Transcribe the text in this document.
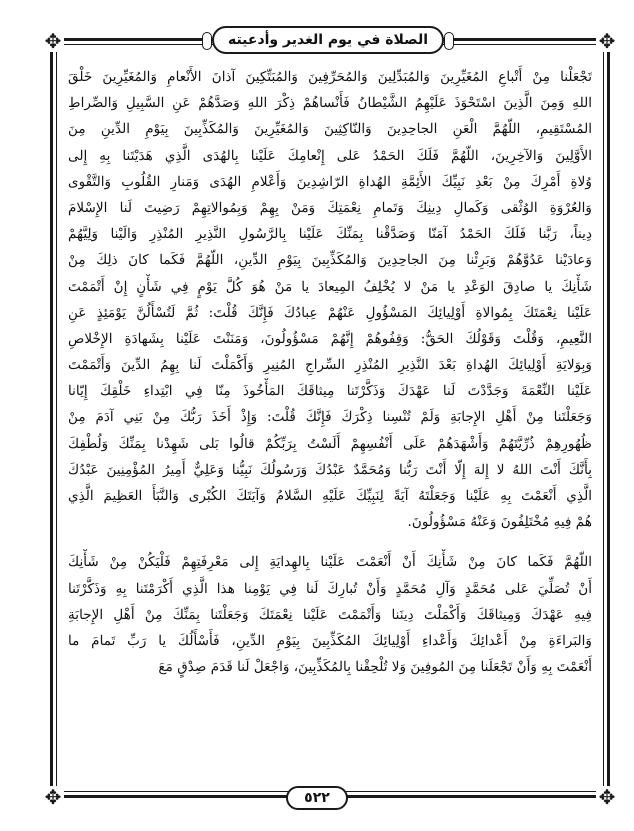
✥	✥
✥	✥
الصلاة في يوم الغدير وأدعيته
تَجْعَلْنا مِنْ أَتْباعِ المُغَيِّرِينَ وَالمُبَدِّلِينَ وَالمُحَرِّفِينَ وَالمُبَتِّكِينَ آذانَ الأَنْعامِ وَالمُغَيِّرِينَ خَلْقَ
اللهِ وَمِنَ الَّذِينَ اسْتَحْوَذَ عَلَيْهِمُ الشَّيْطانُ فَأَنْساهُمْ ذِكْرَ اللهِ وَصَدَّهُمْ عَنِ السَّبِيلِ وَالصِّراطِ
المُسْتَقِيمِ، اللّهُمَّ الْعَنِ الجاحِدِينَ وَالنّاكِثِينَ وَالمُغَيِّرِينَ وَالمُكَذِّبِينَ بِيَوْمِ الدِّينِ مِنَ
الأَوَّلِينَ وَالآخِرِينَ، اللّهُمَّ فَلَكَ الحَمْدُ عَلى إِنْعامِكَ عَلَيْنا بِالهُدَى الَّذِي هَدَيْتَنا بِهِ إِلى
وُلاةِ أَمْرِكَ مِنْ بَعْدِ نَبِيِّكَ الأَئِمَّةِ الهُداةِ الرّاشِدِينَ وَأَعْلامِ الهُدَى وَمَنارِ القُلُوبِ وَالتَّقْوى
وَالعُرْوَةِ الوُثْقى وَكَمالِ دِينِكَ وَتَمامِ نِعْمَتِكَ وَمَنْ بِهِمْ وَبِمُوالاتِهِمْ رَضِيتَ لَنا الإِسْلامَ
دِيناً، رَبَّنا فَلَكَ الحَمْدُ آمَنّا وَصَدَّقْنا بِمَنِّكَ عَلَيْنا بِالرَّسُولِ النَّذِيرِ المُنْذِرِ وَالَيْنا وَلِيَّهُمْ
وَعادَيْنا عَدُوَّهُمْ وَبَرِئْنا مِنَ الجاحِدِينَ وَالمُكَذِّبِينَ بِيَوْمِ الدِّينِ، اللّهُمَّ فَكَما كانَ ذلِكَ مِنْ
شَأْنِكَ يا صادِقَ الوَعْدِ يا مَنْ لا يُخْلِفُ المِيعادَ يا مَنْ هُوَ كُلَّ يَوْمٍ فِي شَأْنٍ إِنْ أَتْمَمْتَ
عَلَيْنا نِعْمَتَكَ بِمُوالاةِ أَوْلِيائِكَ المَسْؤُولِ عَنْهُمْ عِبادُكَ فَإِنَّكَ قُلْتَ: ثُمَّ لَتُسْأَلُنَّ يَوْمَئِذٍ عَنِ
النَّعِيمِ، وَقُلْتَ وَقَوْلُكَ الحَقُّ: وَقِفُوهُمْ إِنَّهُمْ مَسْؤُولُونَ، وَمَنَنْتَ عَلَيْنا بِشَهادَةِ الإِخْلاصِ
وَبِوَلايَةِ أَوْلِيائِكَ الهُداةِ بَعْدَ النَّذِيرِ المُنْذِرِ السِّراجِ المُنِيرِ وَأَكْمَلْتَ لَنا بِهِمُ الدِّينَ وَأَتْمَمْتَ
عَلَيْنا النِّعْمَةَ وَجَدَّدْتَ لَنا عَهْدَكَ وَذَكَّرْتَنا مِيثاقَكَ المَأْخُوذَ مِنّا فِي ابْتِداءِ خَلْقِكَ إِيّانا
وَجَعَلْتَنا مِنْ أَهْلِ الإِجابَةِ وَلَمْ تُنْسِنا ذِكْرَكَ فَإِنَّكَ قُلْتَ: وَإِذْ أَخَذَ رَبُّكَ مِنْ بَنِي آدَمَ مِنْ
ظُهُورِهِمْ ذُرِّيَّتَهُمْ وَأَشْهَدَهُمْ عَلَى أَنْفُسِهِمْ أَلَسْتُ بِرَبِّكُمْ قالُوا بَلى شَهِدْنا بِمَنِّكَ وَلُطْفِكَ
بِأَنَّكَ أَنْتَ اللهُ لا إِلهَ إِلّا أَنْتَ رَبُّنا وَمُحَمَّدٌ عَبْدُكَ وَرَسُولُكَ نَبِيُّنا وَعَلِيٌّ أَمِيرُ المُؤْمِنِينَ عَبْدُكَ
الَّذِي أَنْعَمْتَ بِهِ عَلَيْنا وَجَعَلْتَهُ آيَةً لِنَبِيِّكَ عَلَيْهِ السَّلامُ وَآيَتَكَ الكُبْرى وَالنَّبَأَ العَظِيمَ الَّذِي
هُمْ فِيهِ مُخْتَلِفُونَ وَعَنْهُ مَسْؤُولُونَ.
اللّهُمَّ فَكَما كانَ مِنْ شَأْنِكَ أَنْ أَنْعَمْتَ عَلَيْنا بِالهِدايَةِ إِلى مَعْرِفَتِهِمْ فَلْيَكُنْ مِنْ شَأْنِكَ
أَنْ تُصَلِّيَ عَلى مُحَمَّدٍ وَآلِ مُحَمَّدٍ وَأَنْ تُبارِكَ لَنا فِي يَوْمِنا هذا الَّذِي أَكْرَمْتَنا بِهِ وَذَكَّرْتَنا
فِيهِ عَهْدَكَ وَمِيثاقَكَ وَأَكْمَلْتَ دِينَنا وَأَتْمَمْتَ عَلَيْنا نِعْمَتَكَ وَجَعَلْتَنا بِمَنِّكَ مِنْ أَهْلِ الإِجابَةِ
وَالبَراءَةِ مِنْ أَعْدائِكَ وَأَعْداءِ أَوْلِيائِكَ المُكَذِّبِينَ بِيَوْمِ الدِّينِ، فَأَسْأَلُكَ يا رَبِّ تَمامَ ما
أَنْعَمْتَ بِهِ وَأَنْ تَجْعَلَنا مِنَ المُوفِينَ وَلا تُلْحِقْنا بِالمُكَذِّبِينَ، وَاجْعَلْ لَنا قَدَمَ صِدْقٍ مَعَ
٥٢٢
